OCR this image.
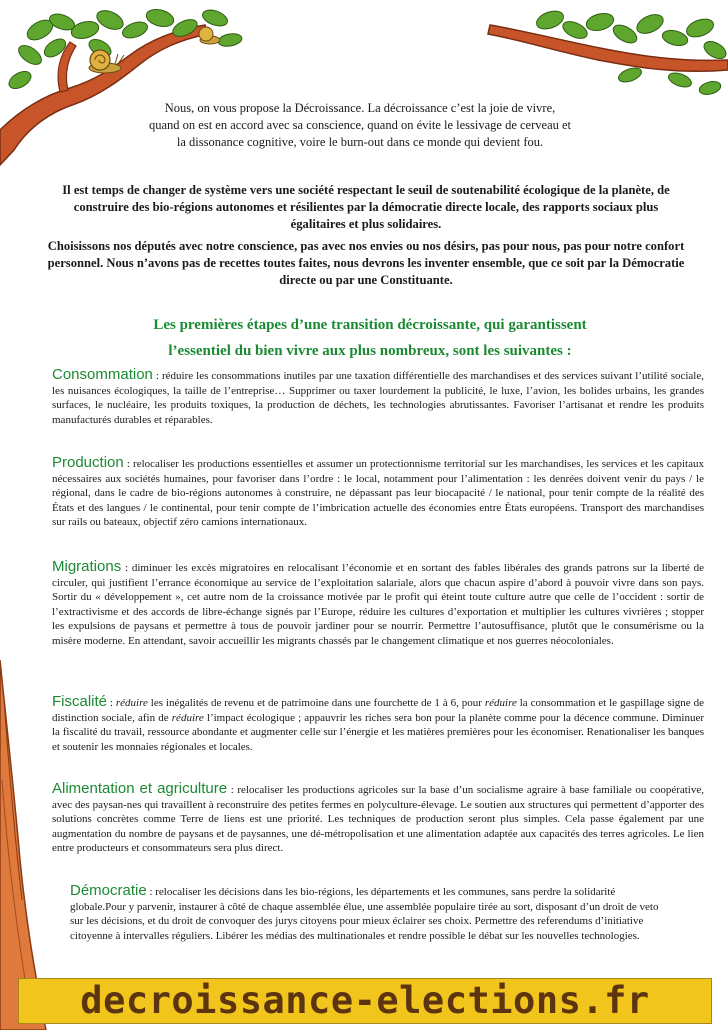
Nous, on vous propose la Décroissance. La décroissance c’est la joie de vivre,
quand on est en accord avec sa conscience, quand on évite le lessivage de cerveau et
la dissonance cognitive, voire le burn-out dans ce monde qui devient fou.
Il est temps de changer de système vers une société respectant le seuil de soutenabilité écologique de la planète, de construire des bio-régions autonomes et résilientes par la démocratie directe locale, des rapports sociaux plus égalitaires et plus solidaires.
Choisissons nos députés avec notre conscience, pas avec nos envies ou nos désirs, pas pour nous, pas pour notre confort personnel. Nous n’avons pas de recettes toutes faites, nous devrons les inventer ensemble, que ce soit par la Démocratie directe ou par une Constituante.
Les premières étapes d’une transition décroissante, qui garantissent
l’essentiel du bien vivre aux plus nombreux, sont les suivantes :
Consommation : réduire les consommations inutiles par une taxation différentielle des marchandises et des services suivant l’utilité sociale, les nuisances écologiques, la taille de l’entreprise… Supprimer ou taxer lourdement la publicité, le luxe, l’avion, les bolides urbains, les grandes surfaces, le nucléaire, les produits toxiques, la production de déchets, les technologies abrutissantes. Favoriser l’artisanat et rendre les produits manufacturés durables et réparables.
Production : relocaliser les productions essentielles et assumer un protectionnisme territorial sur les marchandises, les services et les capitaux nécessaires aux sociétés humaines, pour favoriser dans l’ordre : le local, notamment pour l’alimentation : les denrées doivent venir du pays / le régional, dans le cadre de bio-régions autonomes à construire, ne dépassant pas leur biocapacité / le national, pour tenir compte de la réalité des États et des langues / le continental, pour tenir compte de l’imbrication actuelle des économies entre États européens. Transport des marchandises sur rails ou bateaux, objectif zéro camions internationaux.
Migrations : diminuer les excès migratoires en relocalisant l’économie et en sortant des fables libérales des grands patrons sur la liberté de circuler, qui justifient l’errance économique au service de l’exploitation salariale, alors que chacun aspire d’abord à pouvoir vivre dans son pays. Sortir du « développement », cet autre nom de la croissance motivée par le profit qui éteint toute culture autre que celle de l’occident : sortir de l’extractivisme et des accords de libre-échange signés par l’Europe, réduire les cultures d’exportation et multiplier les cultures vivrières ; stopper les expulsions de paysans et permettre à tous de pouvoir jardiner pour se nourrir. Permettre l’autosuffisance, plutôt que le consumérisme ou la misère moderne. En attendant, savoir accueillir les migrants chassés par le changement climatique et nos guerres néocoloniales.
Fiscalité : réduire les inégalités de revenu et de patrimoine dans une fourchette de 1 à 6, pour réduire la consommation et le gaspillage signe de distinction sociale, afin de réduire l’impact écologique ; appauvrir les riches sera bon pour la planète comme pour la décence commune. Diminuer la fiscalité du travail, ressource abondante et augmenter celle sur l’énergie et les matières premières pour les économiser. Renationaliser les banques et soutenir les monnaies régionales et locales.
Alimentation et agriculture : relocaliser les productions agricoles sur la base d’un socialisme agraire à base familiale ou coopérative, avec des paysan-nes qui travaillent à reconstruire des petites fermes en polyculture-élevage. Le soutien aux structures qui permettent d’apporter des solutions concrètes comme Terre de liens est une priorité. Les techniques de production seront plus simples. Cela passe également par une augmentation du nombre de paysans et de paysannes, une dé-métropolisation et une alimentation adaptée aux capacités des terres agricoles. Le lien entre producteurs et consommateurs sera plus direct.
Démocratie : relocaliser les décisions dans les bio-régions, les départements et les communes, sans perdre la solidarité globale.Pour y parvenir, instaurer à côté de chaque assemblée élue, une assemblée populaire tirée au sort, disposant d’un droit de veto sur les décisions, et du droit de convoquer des jurys citoyens pour mieux éclairer ses choix. Permettre des referendums d’initiative citoyenne à intervalles réguliers. Libérer les médias des multinationales et rendre possible le débat sur les nouvelles technologies.
decroissance-elections.fr
